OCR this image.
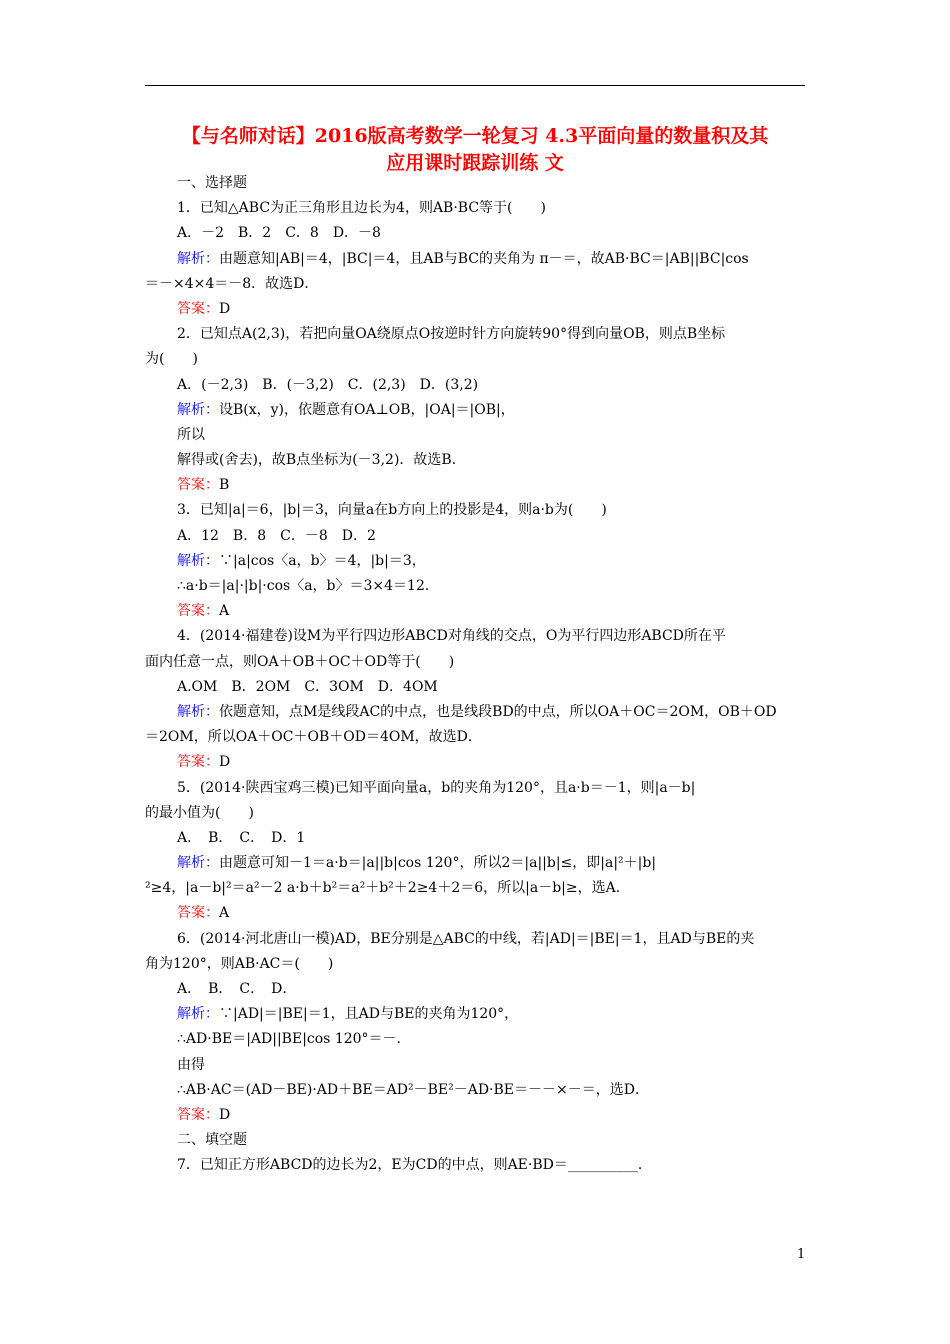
【与名师对话】2016版高考数学一轮复习 4.3平面向量的数量积及其
应用课时跟踪训练 文
一、选择题
1．已知△ABC为正三角形且边长为4，则AB·BC等于(　　)
A．－2　B．2　C．8　D．－8
解析：由题意知|AB|＝4，|BC|＝4，且AB与BC的夹角为 π－＝，故AB·BC＝|AB||BC|cos
＝－×4×4＝－8．故选D．
答案：D
2．已知点A(2,3)，若把向量OA绕原点O按逆时针方向旋转90°得到向量OB，则点B坐标
为(　　)
A．(－2,3)　B．(－3,2)　C．(2,3)　D．(3,2)
解析：设B(x，y)，依题意有OA⊥OB，|OA|＝|OB|，
所以
解得或(舍去)，故B点坐标为(－3,2)．故选B．
答案：B
3．已知|a|＝6，|b|＝3，向量a在b方向上的投影是4，则a·b为(　　)
A．12　B．8　C．－8　D．2
解析：∵|a|cos〈a，b〉＝4，|b|＝3，
∴a·b＝|a|·|b|·cos〈a，b〉＝3×4＝12．
答案：A
4．(2014·福建卷)设M为平行四边形ABCD对角线的交点，O为平行四边形ABCD所在平
面内任意一点，则OA＋OB＋OC＋OD等于(　　)
A.OM　B．2OM　C．3OM　D．4OM
解析：依题意知，点M是线段AC的中点，也是线段BD的中点，所以OA＋OC＝2OM，OB＋OD
＝2OM，所以OA＋OC＋OB＋OD＝4OM，故选D．
答案：D
5．(2014·陕西宝鸡三模)已知平面向量a，b的夹角为120°，且a·b＝－1，则|a－b|
的最小值为(　　)
A．　B．　C．　D．1
解析：由题意可知－1＝a·b＝|a||b|cos 120°，所以2＝|a||b|≤，即|a|²＋|b|
²≥4，|a－b|²＝a²－2 a·b＋b²＝a²＋b²＋2≥4＋2＝6，所以|a－b|≥，选A.
答案：A
6．(2014·河北唐山一模)AD，BE分别是△ABC的中线，若|AD|＝|BE|＝1，且AD与BE的夹
角为120°，则AB·AC＝(　　)
A．　B．　C．　D．
解析：∵|AD|＝|BE|＝1，且AD与BE的夹角为120°，
∴AD·BE＝|AD||BE|cos 120°＝－.
由得
∴AB·AC＝(AD－BE)·AD＋BE＝AD²－BE²－AD·BE＝－－×－＝，选D．
答案：D
二、填空题
7．已知正方形ABCD的边长为2，E为CD的中点，则AE·BD＝__________．
1
